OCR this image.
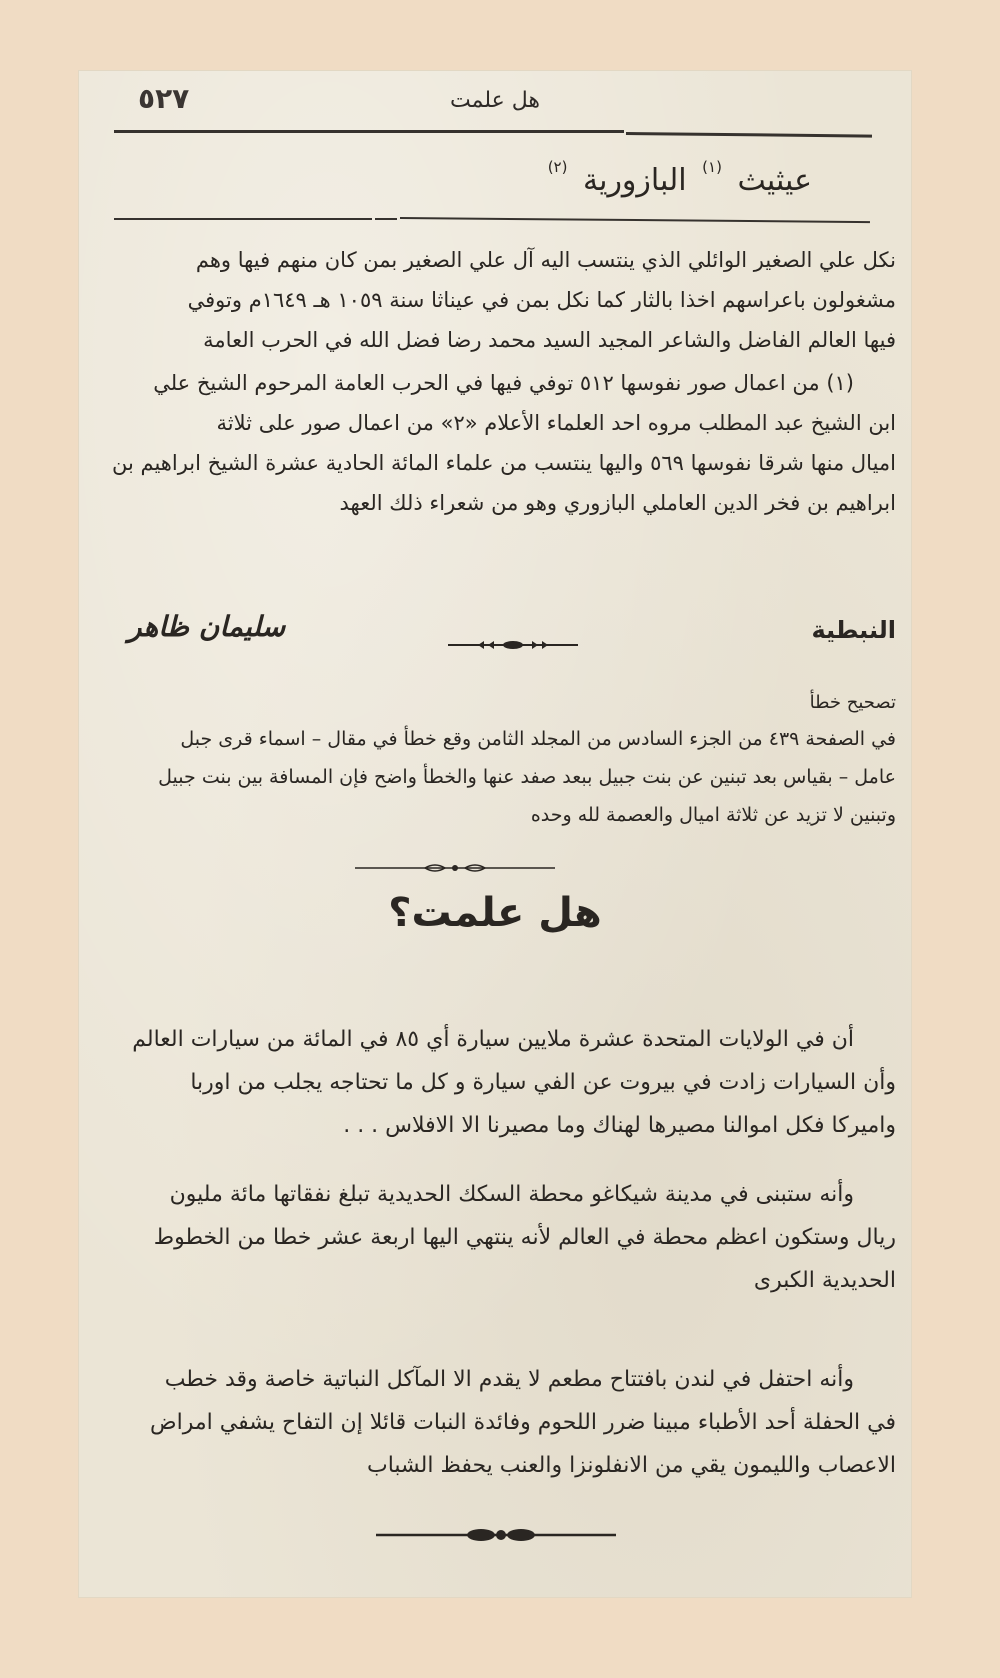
٥٢٧	هل علمت
عيثيث $^{(١)}$ البازورية $^{(٢)}$
نكل علي الصغير الوائلي الذي ينتسب اليه آل علي الصغير بمن كان منهم فيها وهم
مشغولون باعراسهم اخذا بالثار كما نكل بمن في عيناثا سنة ١٠٥٩ هـ ١٦٤٩م وتوفي
فيها العالم الفاضل والشاعر المجيد السيد محمد رضا فضل الله في الحرب العامة
(١) من اعمال صور نفوسها ٥١٢ توفي فيها في الحرب العامة المرحوم الشيخ علي
ابن الشيخ عبد المطلب مروه احد العلماء الأعلام «٢» من اعمال صور على ثلاثة
اميال منها شرقا نفوسها ٥٦٩ واليها ينتسب من علماء المائة الحادية عشرة الشيخ ابراهيم بن
ابراهيم بن فخر الدين العاملي البازوري وهو من شعراء ذلك العهد
النبطية
سليمان ظاهر
تصحيح خطأ
في الصفحة ٤٣٩ من الجزء السادس من المجلد الثامن وقع خطأ في مقال – اسماء قرى جبل
عامل – بقياس بعد تبنين عن بنت جبيل ببعد صفد عنها والخطأ واضح فإن المسافة بين بنت جبيل
وتبنين لا تزيد عن ثلاثة اميال والعصمة لله وحده
هل علمت؟
أن في الولايات المتحدة عشرة ملايين سيارة أي ٨٥ في المائة من سيارات العالم
وأن السيارات زادت في بيروت عن الفي سيارة و كل ما تحتاجه يجلب من اوربا
واميركا فكل اموالنا مصيرها لهناك وما مصيرنا الا الافلاس . . .
وأنه ستبنى في مدينة شيكاغو محطة السكك الحديدية تبلغ نفقاتها مائة مليون
ريال وستكون اعظم محطة في العالم لأنه ينتهي اليها اربعة عشر خطا من الخطوط
الحديدية الكبرى
وأنه احتفل في لندن بافتتاح مطعم لا يقدم الا المآكل النباتية خاصة وقد خطب
في الحفلة أحد الأطباء مبينا ضرر اللحوم وفائدة النبات قائلا إن التفاح يشفي امراض
الاعصاب والليمون يقي من الانفلونزا والعنب يحفظ الشباب
